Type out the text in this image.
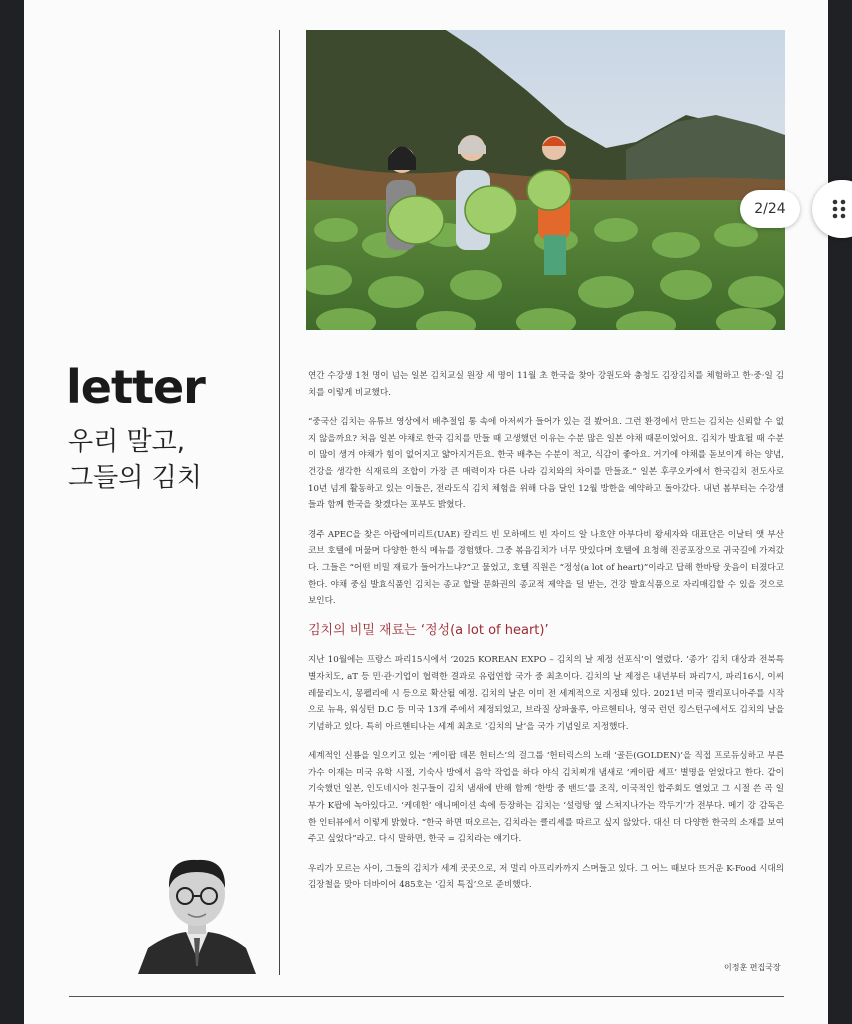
letter
우리 말고,
그들의 김치

연간 수강생 1천 명이 넘는 일본 김치교실 원장 세 명이 11월 초 한국을 찾아 강원도와 충청도 김장김치를 체험하고 한·중·일 김치를 이렇게 비교했다.

“중국산 김치는 유튜브 영상에서 배추절임 통 속에 아저씨가 들어가 있는 걸 봤어요. 그런 환경에서 만드는 김치는 신뢰할 수 없지 않을까요? 처음 일본 야채로 한국 김치를 만들 때 고생했던 이유는 수분 많은 일본 야채 때문이었어요. 김치가 발효될 때 수분이 많이 생겨 야채가 힘이 없어지고 얇아지거든요. 한국 배추는 수분이 적고, 식감이 좋아요. 거기에 야채를 돋보이게 하는 양념, 건강을 생각한 식재료의 조합이 가장 큰 매력이자 다른 나라 김치와의 차이를 만들죠.” 일본 후쿠오카에서 한국김치 전도사로 10년 넘게 활동하고 있는 이들은, 전라도식 김치 체험을 위해 다음 달인 12월 방한을 예약하고 돌아갔다. 내년 봄부터는 수강생들과 함께 한국을 찾겠다는 포부도 밝혔다.

경주 APEC을 찾은 아랍에미리트(UAE) 칼리드 빈 모하메드 빈 자이드 알 나흐얀 아부다비 왕세자와 대표단은 이날터 앳 부산 코브 호텔에 머물며 다양한 한식 메뉴를 경험했다. 그중 볶음김치가 너무 맛있다며 호텔에 요청해 진공포장으로 귀국길에 가져갔다. 그들은 “어떤 비밀 재료가 들어가느냐?”고 물었고, 호텔 직원은 “정성(a lot of heart)”이라고 답해 한바탕 웃음이 터졌다고 한다. 야채 중심 발효식품인 김치는 종교 할랄 문화권의 종교적 제약을 덜 받는, 건강 발효식품으로 자리매김할 수 있을 것으로 보인다.

김치의 비밀 재료는 ‘정성(a lot of heart)’

지난 10월에는 프랑스 파리15시에서 ‘2025 KOREAN EXPO – 김치의 날 제정 선포식’이 열렸다. ‘종가’ 김치 대상과 전북특별자치도, aT 등 민·관·기업이 협력한 결과로 유럽연합 국가 중 최초이다. 김치의 날 제정은 내년부터 파리7시, 파리16시, 이씨레물리노시, 몽펠리에 시 등으로 확산될 예정. 김치의 날은 이미 전 세계적으로 지정돼 있다. 2021년 미국 캘리포니아주를 시작으로 뉴욕, 워싱턴 D.C 등 미국 13개 주에서 제정되었고, 브라질 상파울루, 아르헨티나, 영국 런던 킹스턴구에서도 김치의 날을 기념하고 있다. 특히 아르헨티나는 세계 최초로 ‘김치의 날’을 국가 기념일로 지정했다.

세계적인 신룡을 일으키고 있는 ‘케이팝 데몬 헌터스’의 걸그룹 ‘헌터릭스의 노래 ‘골든(GOLDEN)’을 직접 프로듀싱하고 부른 가수 이재는 미국 유학 시절, 기숙사 방에서 음악 작업을 하다 야식 김치찌개 냄새로 ‘케이팝 셰프’ 별명을 얻었다고 한다. 같이 기숙했던 일본, 인도네시아 친구들이 김치 냄새에 반해 함께 ‘한방 중 밴드’를 조직, 이국적인 합주회도 열었고 그 시절 쓴 곡 일부가 K팝에 녹아있다고. ‘케데헌’ 애니메이션 속에 등장하는 김치는 ‘설렁탕 옆 스쳐지나가는 깍두기’가 전부다. 메기 강 감독은 한 인터뷰에서 이렇게 밝혔다. “한국 하면 떠오르는, 김치라는 클리셰를 따르고 싶지 않았다. 대신 더 다양한 한국의 소재를 보여주고 싶었다”라고. 다시 말하면, 한국 = 김치라는 얘기다.

우리가 모르는 사이, 그들의 김치가 세계 곳곳으로, 저 멀리 아프리카까지 스며들고 있다. 그 어느 때보다 뜨거운 K-Food 시대의 김장철을 맞아 더바이어 485호는 ‘김치 특집’으로 준비했다.

이정훈 편집국장
2/24
